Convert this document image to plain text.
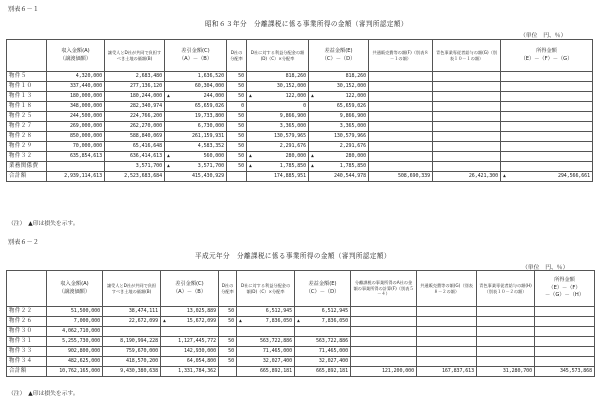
別表６－１
昭和６３年分　分離課税に係る事業所得の金額（審判所認定額）
（単位　円、％）
	収入金額(A)
（譲渡価額）	譲受人とD社が共同で負担すべき土地の価額(B)	差引金額(C)
（A）－（B）	D社の分配率	D社に対する利益分配金の額(D)（C）×分配率	差益金額(E)
（C）－（D）	共通販売費等の額(F)（別表８－１の額）	青色事業専従者給与の額(G)（別表１０－１の額）	所得金額
（E）－（F）－（G）
物件５	4,320,000	2,683,480	1,636,520	50	818,260	818,260			

物件１０	337,440,000	277,136,120	60,304,000	50	30,152,000	30,152,000			

物件１３	180,000,000	180,244,000	▲ 244,000	50	▲ 122,000	▲ 122,000			

物件１８	348,000,000	282,340,974	65,659,026	0	0	65,659,026			

物件２５	244,500,000	224,766,200	19,733,800	50	9,866,900	9,866,900			

物件２７	269,000,000	262,270,000	6,730,000	50	3,365,000	3,365,000			

物件２８	850,000,000	588,840,069	261,159,931	50	130,579,965	130,579,966			

物件２９	70,000,000	65,416,648	4,583,352	50	2,291,676	2,291,676			

物件３２	635,854,613	636,414,613	▲ 560,000	50	▲ 280,000	▲ 280,000			

業務関係費		3,571,700	▲ 3,571,700	50	▲ 1,785,850	▲ 1,785,850			

合計額	2,939,114,613	2,523,683,684	415,430,929		174,885,951	240,544,978	508,690,339	26,421,300	▲ 294,566,661
（注）　▲印は損失を示す。
別表６－２
平成元年分　分離課税に係る事業所得の金額（審判所認定額）
（単位　円、％）
	収入金額(A)
（譲渡価額）	譲受人とD社が共同で負担すべき土地の価額(B)	差引金額(C)
（A）－（B）	D社の分配率	D社に対する利益分配金の額(D)（C）×分配率	差益金額(E)
（C）－（D）	分離課税の事業所得のA社の金額の事業所得の計算(F)（別表５－４）	共通販売費等の額(G)（別表８－２の額）	青色事業専従者給与の額(H)（別表１０－２の額）	所得金額
（E）－（F）
－（G）－（H）
物件２２	51,500,000	38,474,111	13,025,889	50	6,512,945	6,512,945				
物件２６	7,000,000	22,672,099	▲ 15,672,099	50	▲ 7,836,050	▲ 7,836,050				
物件３０	4,062,710,000		

物件３１	5,255,730,000	8,190,994,228	1,127,445,772	50	563,722,886	563,722,886				
物件３３	902,800,000	759,670,000	142,930,000	50	71,465,000	71,465,000				
物件３４	482,625,000	418,570,200	64,054,800	50	32,027,400	32,027,400				
合計額	10,762,165,000	9,430,380,638	1,331,784,362		665,892,181	665,892,181	121,200,000	167,837,613	31,280,700	345,573,868
（注）　▲印は損失を示す。
